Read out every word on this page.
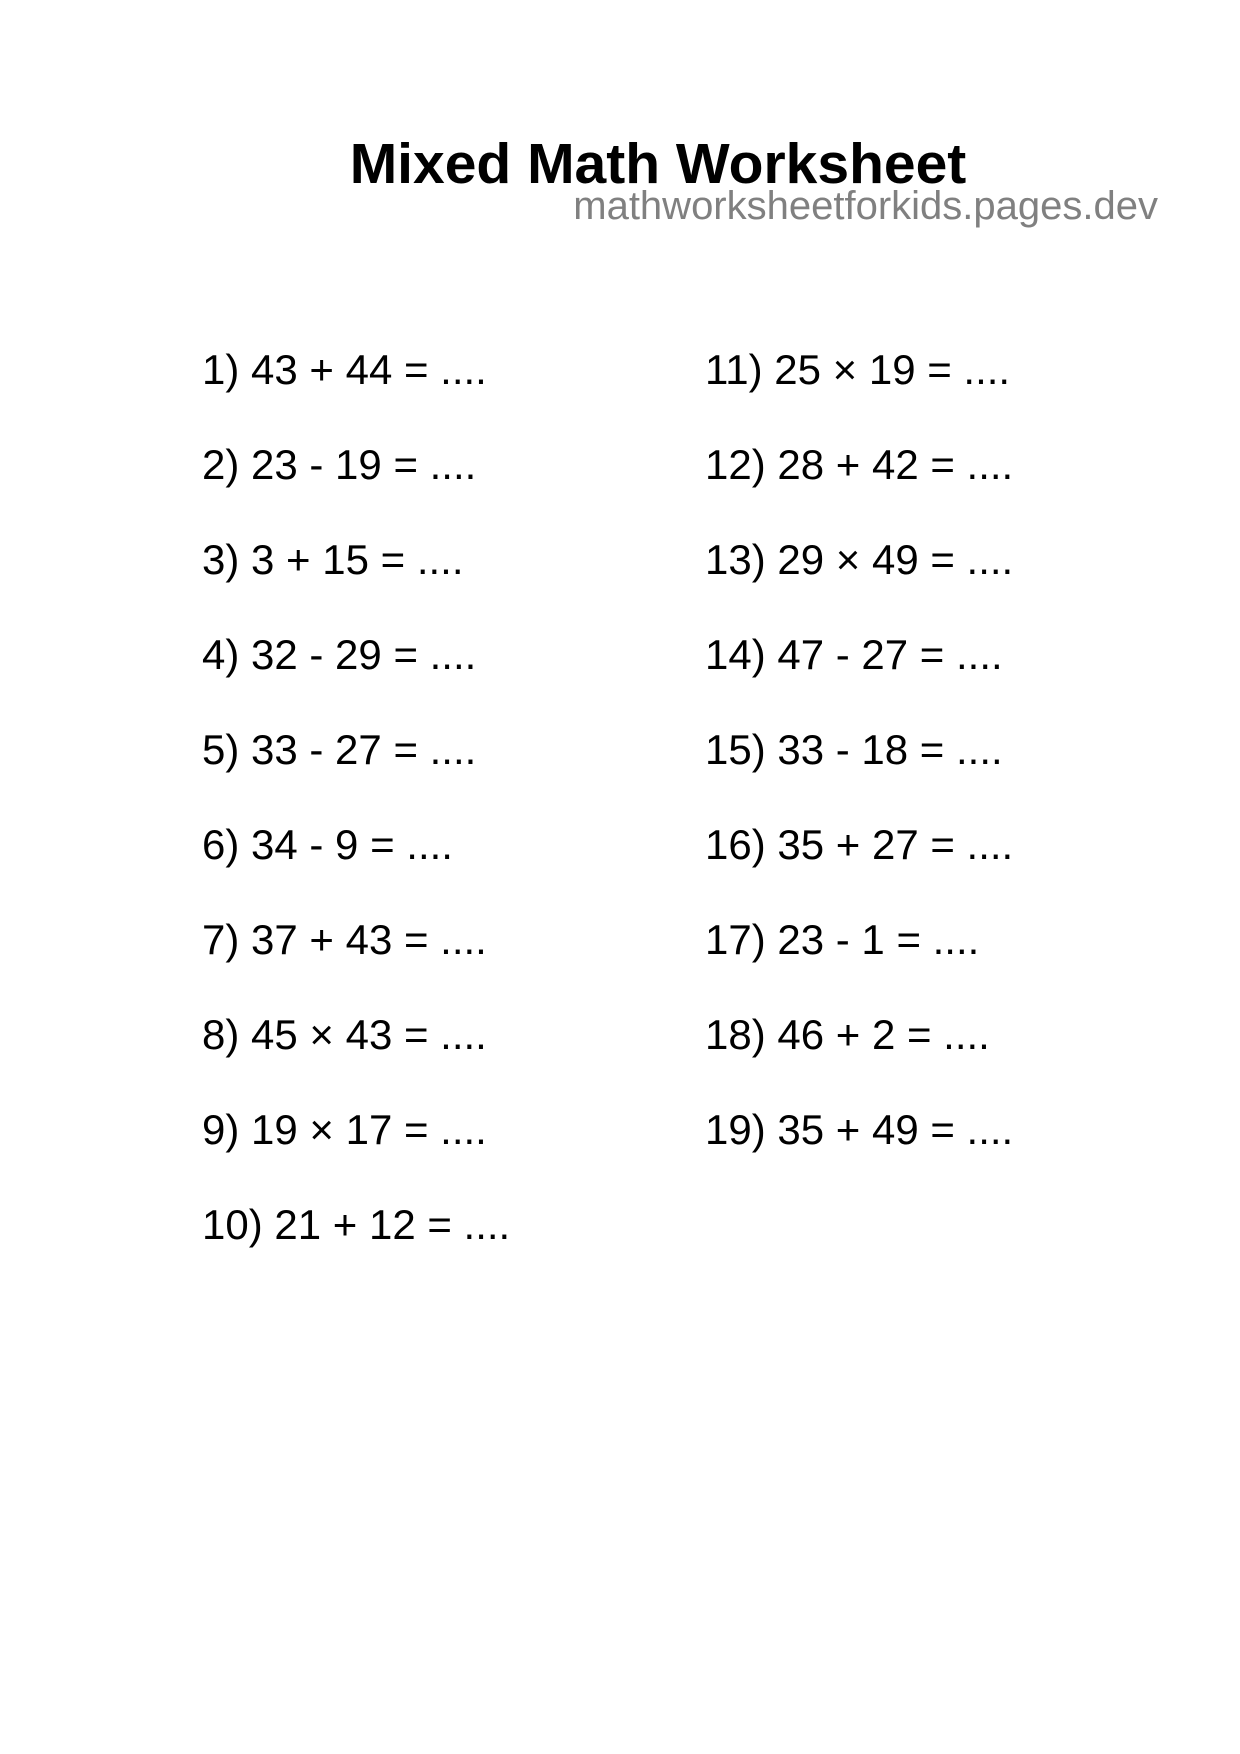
Mixed Math Worksheet
mathworksheetforkids.pages.dev
1) 43 + 44 = ....
2) 23 - 19 = ....
3) 3 + 15 = ....
4) 32 - 29 = ....
5) 33 - 27 = ....
6) 34 - 9 = ....
7) 37 + 43 = ....
8) 45 × 43 = ....
9) 19 × 17 = ....
10) 21 + 12 = ....
11) 25 × 19 = ....
12) 28 + 42 = ....
13) 29 × 49 = ....
14) 47 - 27 = ....
15) 33 - 18 = ....
16) 35 + 27 = ....
17) 23 - 1 = ....
18) 46 + 2 = ....
19) 35 + 49 = ....
